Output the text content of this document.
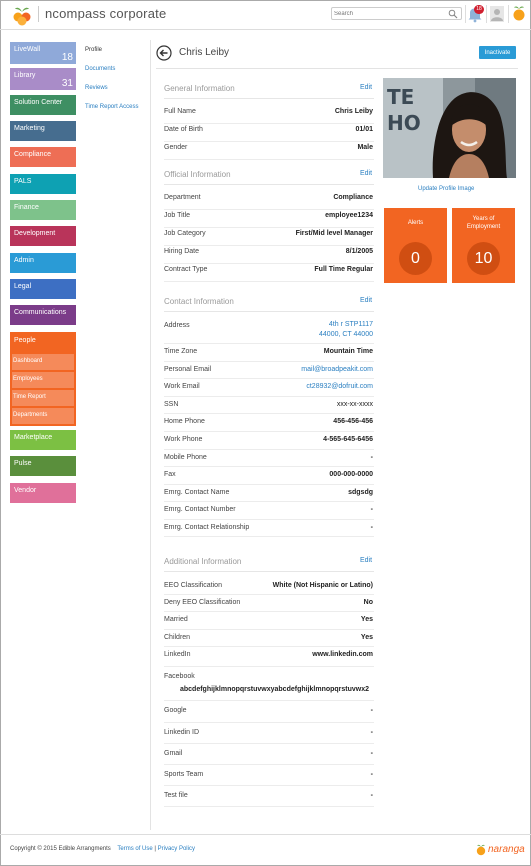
ncompass corporate
Search	18
LiveWall
18
Library
31
Solution Center
Marketing
Compliance
PALS
Finance
Development
Admin
Legal
Communications
People
Dashboard
Employees
Time Report
Departments
Marketplace
Pulse
Vendor
Profile
Documents
Reviews
Time Report Access
Chris Leiby	Inactivate
General Information	Edit
Full Name	Chris Leiby
Date of Birth	01/01
Gender	Male
Official Information	Edit
Department	Compliance
Job Title	employee1234
Job Category	First/Mid level Manager
Hiring Date	8/1/2005
Contract Type	Full Time Regular
Contact Information	Edit
Address	4th r STP1117
44000, CT 44000
Time Zone	Mountain Time
Personal Email	mail@broadpeakit.com
Work Email	ct28932@dofruit.com
SSN	xxx-xx-xxxx
Home Phone	456-456-456
Work Phone	4-565-645-6456
Mobile Phone	-
Fax	000-000-0000
Emrg. Contact Name	sdgsdg
Emrg. Contact Number	-
Emrg. Contact Relationship	-
Additional Information	Edit
EEO Classification	White (Not Hispanic or Latino)
Deny EEO Classification	No
Married	Yes
Children	Yes
LinkedIn	www.linkedin.com
Facebook
abcdefghijklmnopqrstuvwxyabcdefghijklmnopqrstuvwx2
Google	-
Linkedin ID	-
Gmail	-
Sports Team	-
Test file	-
TE
HO
Update Profile Image
Alerts
0
Years of Employment
10
Copyright © 2015 Edible Arrangments Terms of Use | Privacy Policy	naranga
